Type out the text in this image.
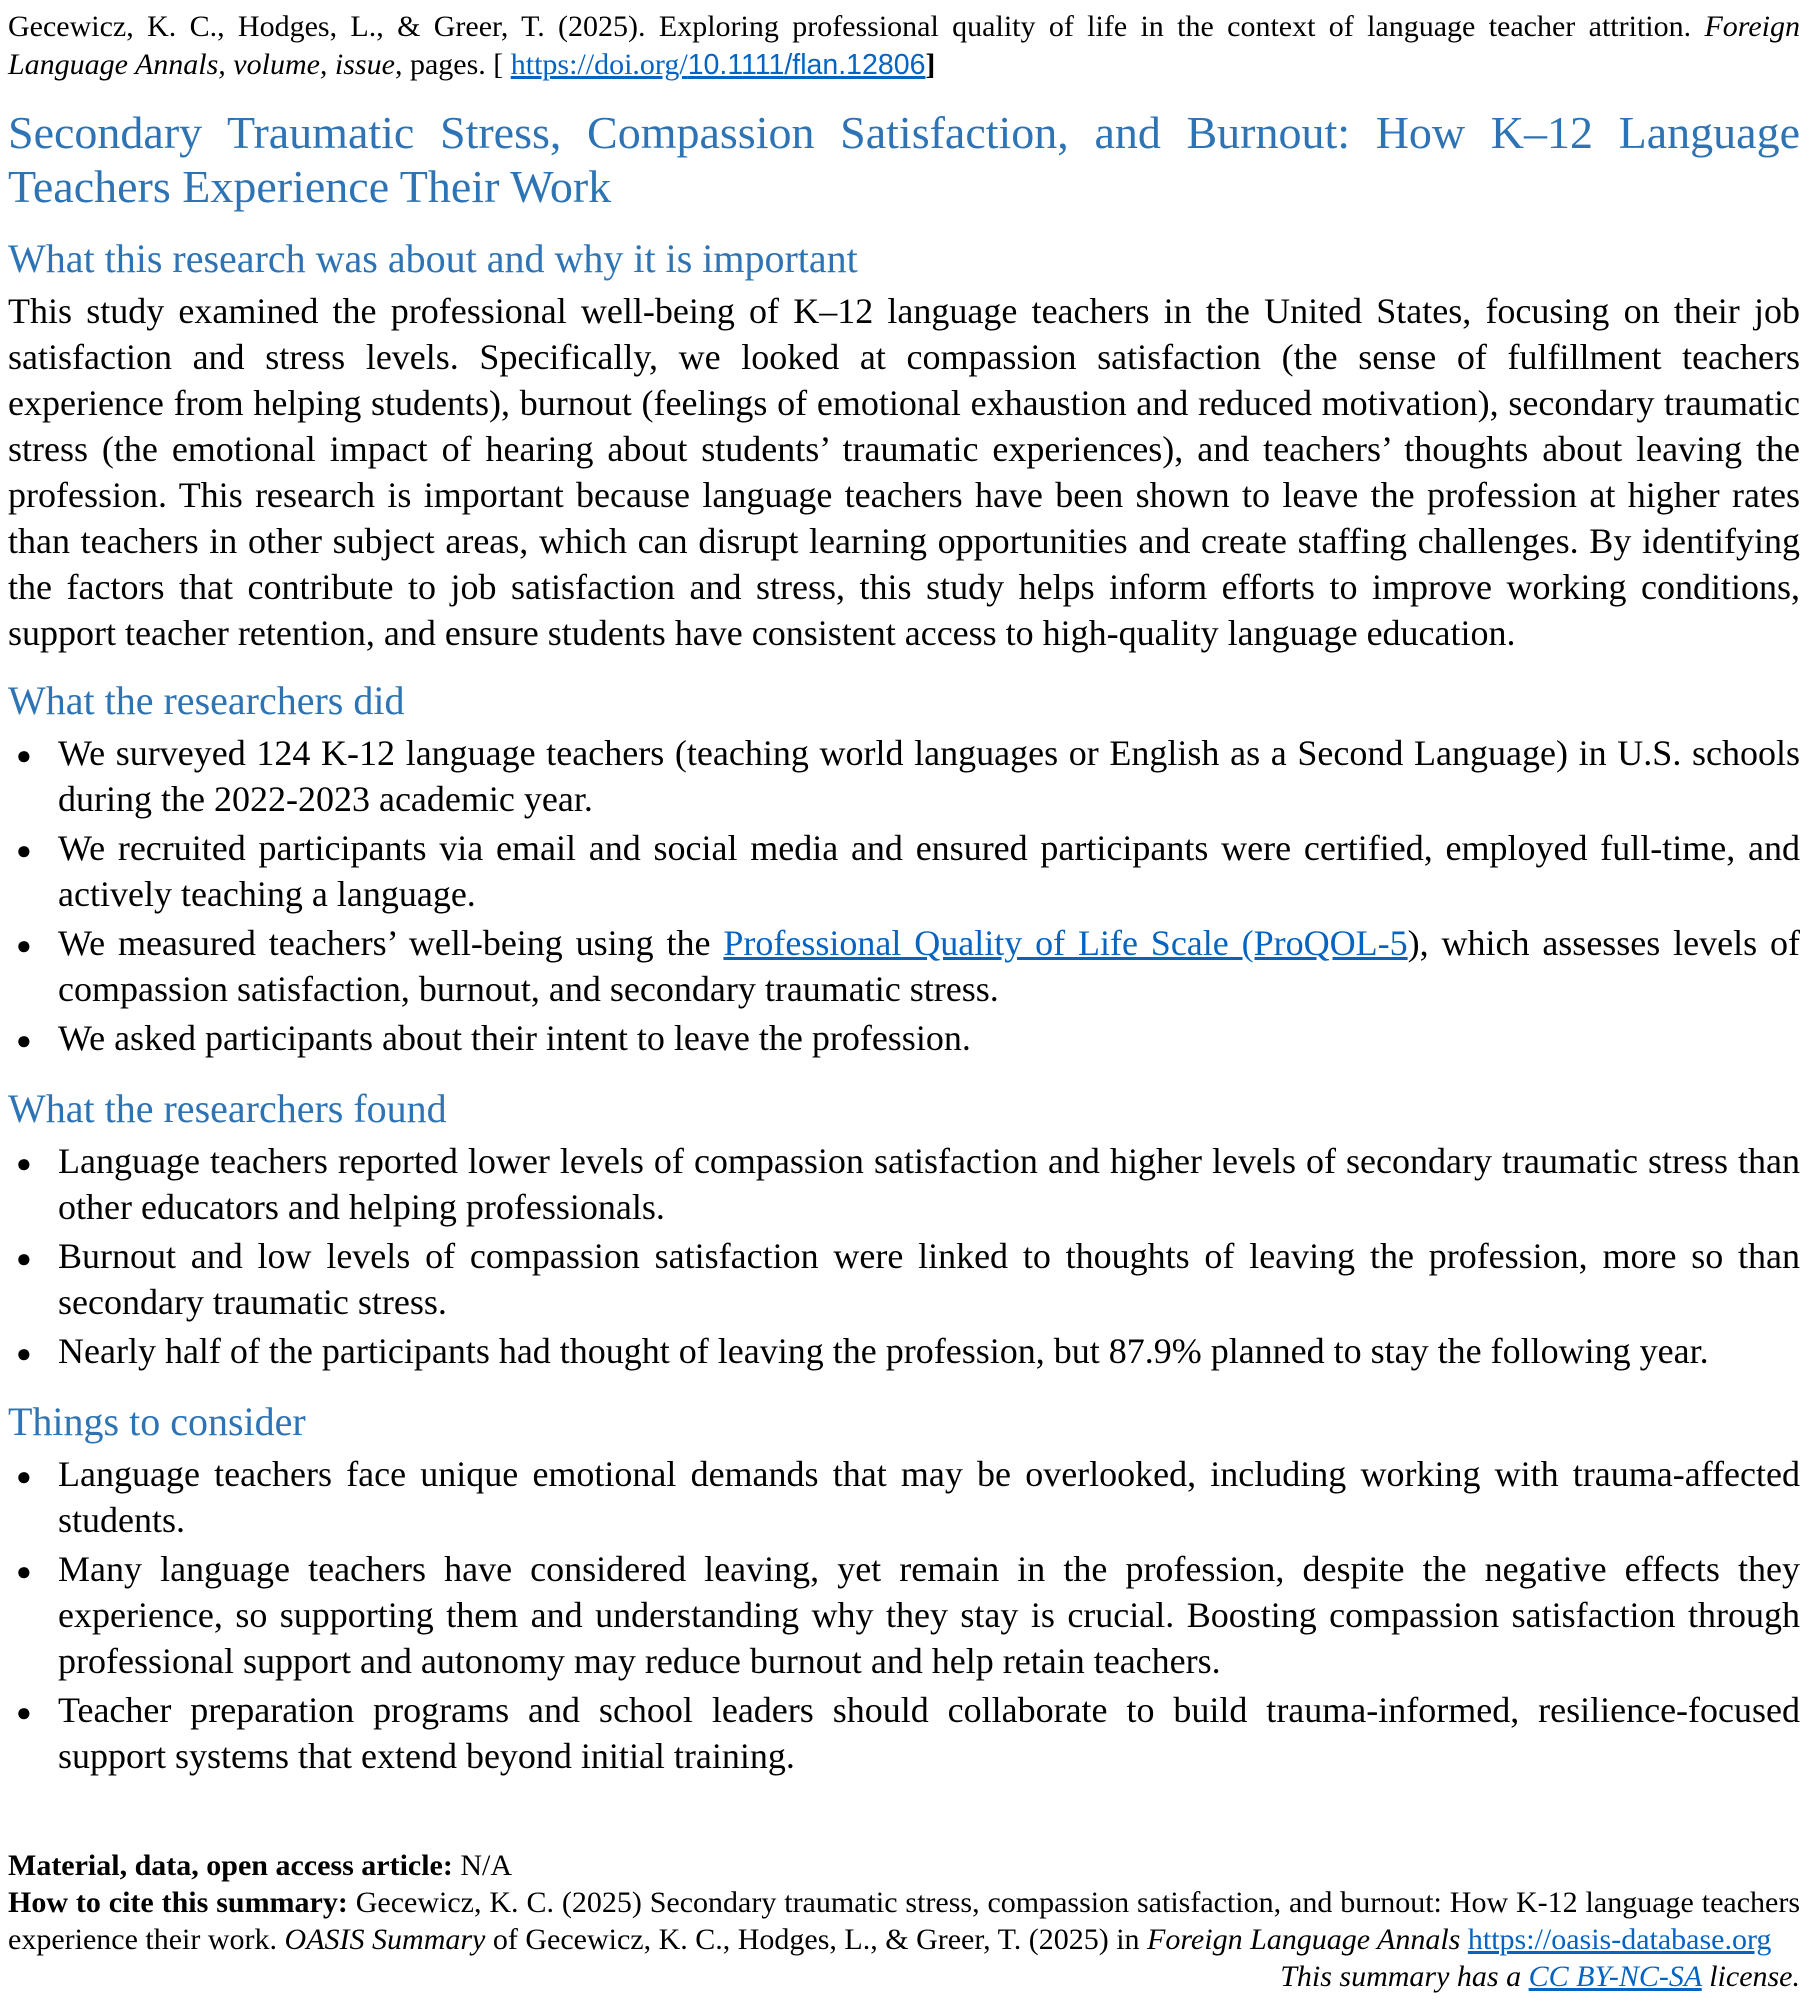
Gecewicz, K. C., Hodges, L., & Greer, T. (2025). Exploring professional quality of life in the context of language teacher attrition. Foreign Language Annals, volume, issue, pages. [ https://doi.org/10.1111/flan.12806]

Secondary Traumatic Stress, Compassion Satisfaction, and Burnout: How K–12 Language Teachers Experience Their Work
What this research was about and why it is important

This study examined the professional well-being of K–12 language teachers in the United States, focusing on their job satisfaction and stress levels. Specifically, we looked at compassion satisfaction (the sense of fulfillment teachers experience from helping students), burnout (feelings of emotional exhaustion and reduced motivation), secondary traumatic stress (the emotional impact of hearing about students’ traumatic experiences), and teachers’ thoughts about leaving the profession. This research is important because language teachers have been shown to leave the profession at higher rates than teachers in other subject areas, which can disrupt learning opportunities and create staffing challenges. By identifying the factors that contribute to job satisfaction and stress, this study helps inform efforts to improve working conditions, support teacher retention, and ensure students have consistent access to high-quality language education.

What the researchers did
● We surveyed 124 K-12 language teachers (teaching world languages or English as a Second Language) in U.S. schools during the 2022-2023 academic year.
● We recruited participants via email and social media and ensured participants were certified, employed full-time, and actively teaching a language.
● We measured teachers’ well-being using the Professional Quality of Life Scale (ProQOL-5), which assesses levels of compassion satisfaction, burnout, and secondary traumatic stress.
● We asked participants about their intent to leave the profession.
What the researchers found
● Language teachers reported lower levels of compassion satisfaction and higher levels of secondary traumatic stress than other educators and helping professionals.
● Burnout and low levels of compassion satisfaction were linked to thoughts of leaving the profession, more so than secondary traumatic stress.
● Nearly half of the participants had thought of leaving the profession, but 87.9% planned to stay the following year.
Things to consider
● Language teachers face unique emotional demands that may be overlooked, including working with trauma-affected students.
● Many language teachers have considered leaving, yet remain in the profession, despite the negative effects they experience, so supporting them and understanding why they stay is crucial. Boosting compassion satisfaction through professional support and autonomy may reduce burnout and help retain teachers.
● Teacher preparation programs and school leaders should collaborate to build trauma-informed, resilience-focused support systems that extend beyond initial training.

Material, data, open access article: N/A

How to cite this summary: Gecewicz, K. C. (2025) Secondary traumatic stress, compassion satisfaction, and burnout: How K-12 language teachers experience their work. OASIS Summary of Gecewicz, K. C., Hodges, L., & Greer, T. (2025) in Foreign Language Annals https://oasis-database.org

This summary has a CC BY-NC-SA license.
